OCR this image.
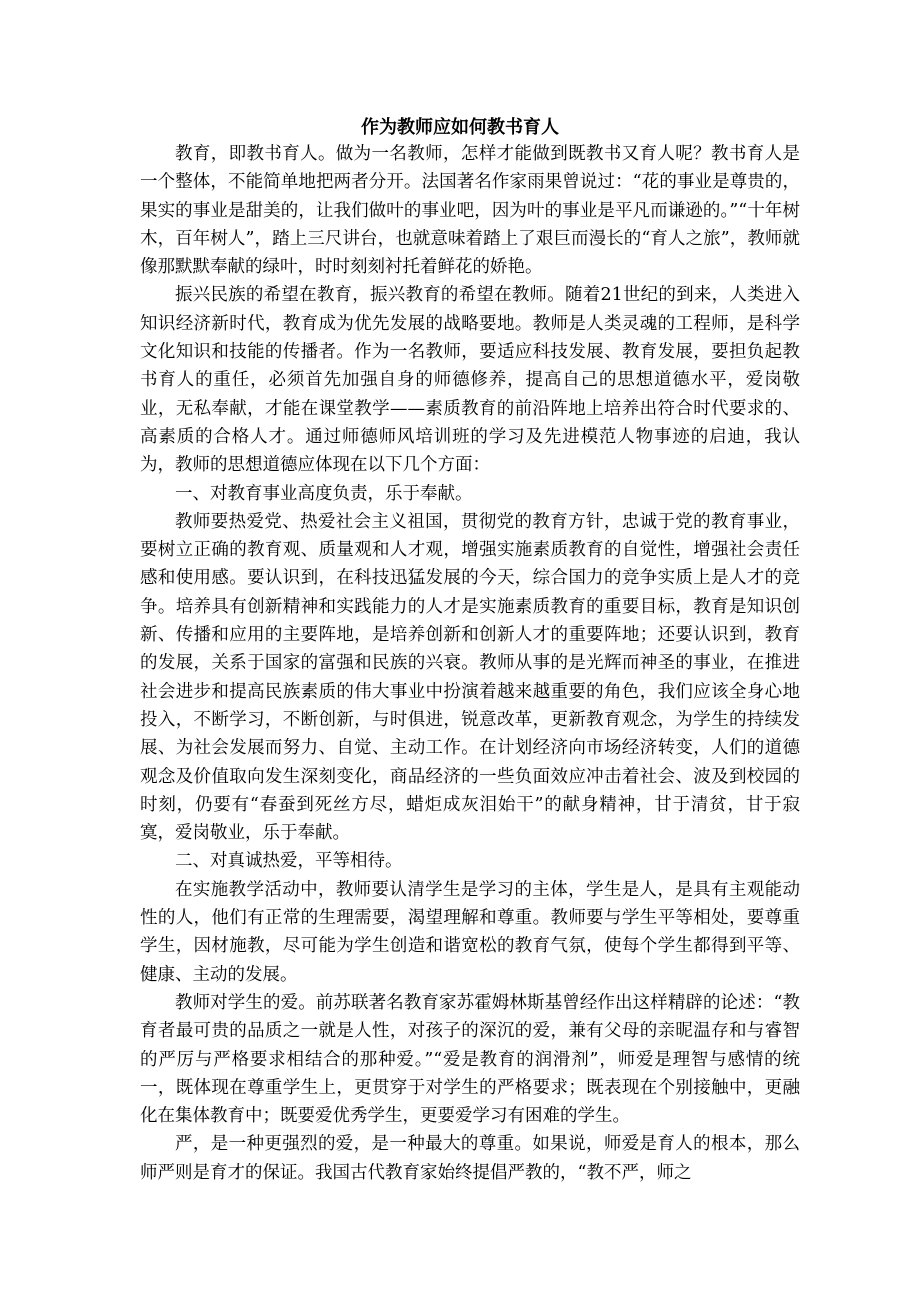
作为教师应如何教书育人

教育，即教书育人。做为一名教师，怎样才能做到既教书又育人呢？教书育人是一个整体，不能简单地把两者分开。法国著名作家雨果曾说过：“花的事业是尊贵的，果实的事业是甜美的，让我们做叶的事业吧，因为叶的事业是平凡而谦逊的。”“十年树木，百年树人”，踏上三尺讲台，也就意味着踏上了艰巨而漫长的“育人之旅”，教师就像那默默奉献的绿叶，时时刻刻衬托着鲜花的娇艳。

振兴民族的希望在教育，振兴教育的希望在教师。随着21世纪的到来，人类进入知识经济新时代，教育成为优先发展的战略要地。教师是人类灵魂的工程师，是科学文化知识和技能的传播者。作为一名教师，要适应科技发展、教育发展，要担负起教书育人的重任，必须首先加强自身的师德修养，提高自己的思想道德水平，爱岗敬业，无私奉献，才能在课堂教学——素质教育的前沿阵地上培养出符合时代要求的、高素质的合格人才。通过师德师风培训班的学习及先进模范人物事迹的启迪，我认为，教师的思想道德应体现在以下几个方面：

一、对教育事业高度负责，乐于奉献。

教师要热爱党、热爱社会主义祖国，贯彻党的教育方针，忠诚于党的教育事业，要树立正确的教育观、质量观和人才观，增强实施素质教育的自觉性，增强社会责任感和使用感。要认识到，在科技迅猛发展的今天，综合国力的竞争实质上是人才的竞争。培养具有创新精神和实践能力的人才是实施素质教育的重要目标，教育是知识创新、传播和应用的主要阵地，是培养创新和创新人才的重要阵地；还要认识到，教育的发展，关系于国家的富强和民族的兴衰。教师从事的是光辉而神圣的事业，在推进社会进步和提高民族素质的伟大事业中扮演着越来越重要的角色，我们应该全身心地投入，不断学习，不断创新，与时俱进，锐意改革，更新教育观念，为学生的持续发展、为社会发展而努力、自觉、主动工作。在计划经济向市场经济转变，人们的道德观念及价值取向发生深刻变化，商品经济的一些负面效应冲击着社会、波及到校园的时刻，仍要有“春蚕到死丝方尽，蜡炬成灰泪始干”的献身精神，甘于清贫，甘于寂寞，爱岗敬业，乐于奉献。

二、对真诚热爱，平等相待。

在实施教学活动中，教师要认清学生是学习的主体，学生是人，是具有主观能动性的人，他们有正常的生理需要，渴望理解和尊重。教师要与学生平等相处，要尊重学生，因材施教，尽可能为学生创造和谐宽松的教育气氛，使每个学生都得到平等、健康、主动的发展。

教师对学生的爱。前苏联著名教育家苏霍姆林斯基曾经作出这样精辟的论述：“教育者最可贵的品质之一就是人性，对孩子的深沉的爱，兼有父母的亲昵温存和与睿智的严厉与严格要求相结合的那种爱。”“爱是教育的润滑剂”，师爱是理智与感情的统一，既体现在尊重学生上，更贯穿于对学生的严格要求；既表现在个别接触中，更融化在集体教育中；既要爱优秀学生，更要爱学习有困难的学生。

严，是一种更强烈的爱，是一种最大的尊重。如果说，师爱是育人的根本，那么师严则是育才的保证。我国古代教育家始终提倡严教的，“教不严，师之
